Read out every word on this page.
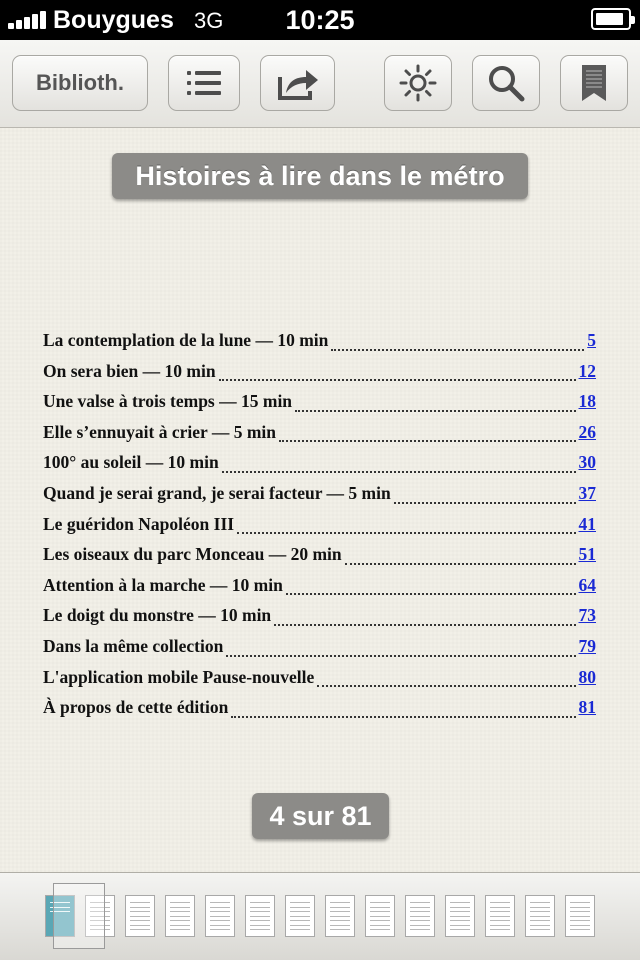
Bouygues 3G	10:25
Biblioth.
Histoires à lire dans le métro
La contemplation de la lune — 10 min	5
On sera bien — 10 min	12
Une valse à trois temps — 15 min	18
Elle s’ennuyait à crier — 5 min	26
100° au soleil — 10 min	30
Quand je serai grand, je serai facteur — 5 min	37
Le guéridon Napoléon III	41
Les oiseaux du parc Monceau — 20 min	51
Attention à la marche — 10 min	64
Le doigt du monstre — 10 min	73
Dans la même collection	79
L'application mobile Pause-nouvelle	80
À propos de cette édition	81
4 sur 81
